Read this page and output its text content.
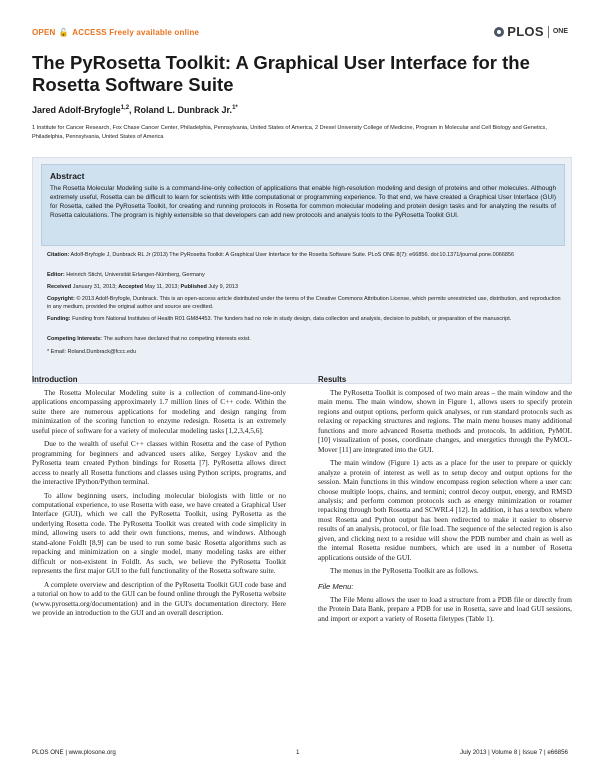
OPEN 🔓 ACCESS Freely available online	PLOS ONE
The PyRosetta Toolkit: A Graphical User Interface for the Rosetta Software Suite
Jared Adolf-Bryfogle$^{1,2}$, Roland L. Dunbrack Jr.$^{1*}$
1 Institute for Cancer Research, Fox Chase Cancer Center, Philadelphia, Pennsylvania, United States of America, 2 Drexel University College of Medicine, Program in Molecular and Cell Biology and Genetics, Philadelphia, Pennsylvania, United States of America
Abstract
The Rosetta Molecular Modeling suite is a command-line-only collection of applications that enable high-resolution modeling and design of proteins and other molecules. Although extremely useful, Rosetta can be difficult to learn for scientists with little computational or programming experience. To that end, we have created a Graphical User Interface (GUI) for Rosetta, called the PyRosetta Toolkit, for creating and running protocols in Rosetta for common molecular modeling and protein design tasks and for analyzing the results of Rosetta calculations. The program is highly extensible so that developers can add new protocols and analysis tools to the PyRosetta Toolkit GUI.
Citation: Adolf-Bryfogle J, Dunbrack RL Jr (2013) The PyRosetta Toolkit: A Graphical User Interface for the Rosetta Software Suite. PLoS ONE 8(7): e66856. doi:10.1371/journal.pone.0066856
Editor: Heinrich Sticht, Universität Erlangen-Nürnberg, Germany
Received January 31, 2013; Accepted May 11, 2013; Published July 9, 2013
Copyright: © 2013 Adolf-Bryfogle, Dunbrack. This is an open-access article distributed under the terms of the Creative Commons Attribution License, which permits unrestricted use, distribution, and reproduction in any medium, provided the original author and source are credited.
Funding: Funding from National Institutes of Health R01 GM84453. The funders had no role in study design, data collection and analysis, decision to publish, or preparation of the manuscript.
Competing Interests: The authors have declared that no competing interests exist.
* Email: Roland.Dunbrack@fccc.edu
Introduction

The Rosetta Molecular Modeling suite is a collection of command-line-only applications encompassing approximately 1.7 million lines of C++ code. Within the suite there are numerous applications for modeling and design ranging from minimization of the scoring function to enzyme redesign. Rosetta is an extremely useful piece of software for a variety of molecular modeling tasks [1,2,3,4,5,6].

Due to the wealth of useful C++ classes within Rosetta and the case of Python programming for beginners and advanced users alike, Sergey Lyskov and the PyRosetta team created Python bindings for Rosetta [7]. PyRosetta allows direct access to nearly all Rosetta functions and classes using Python scripts, programs, and the interactive IPython/Python terminal.

To allow beginning users, including molecular biologists with little or no computational experience, to use Rosetta with ease, we have created a Graphical User Interface (GUI), which we call the PyRosetta Toolkit, using PyRosetta as the underlying Rosetta code. The PyRosetta Toolkit was created with code simplicity in mind, allowing users to add their own functions, menus, and windows. Although stand-alone FoldIt [8,9] can be used to run some basic Rosetta algorithms such as repacking and minimization on a single model, many modeling tasks are either difficult or non-existent in FoldIt. As such, we believe the PyRosetta Toolkit represents the first major GUI to the full functionality of the Rosetta software suite.

A complete overview and description of the PyRosetta Toolkit GUI code base and a tutorial on how to add to the GUI can be found online through the PyRosetta website (www.pyrosetta.org/documentation) and in the GUI's documentation directory. Here we provide an introduction to the GUI and an overall description.

Results

The PyRosetta Toolkit is composed of two main areas – the main window and the main menu. The main window, shown in Figure 1, allows users to specify protein regions and output options, perform quick analyses, or run standard protocols such as relaxing or repacking structures and regions. The main menu houses many additional functions and more advanced Rosetta methods and protocols. In addition, PyMOL [10] visualization of poses, coordinate changes, and energetics through the PyMOL-Mover [11] are integrated into the GUI.

The main window (Figure 1) acts as a place for the user to prepare or quickly analyze a protein of interest as well as to setup decoy and output options for the session. Main functions in this window encompass region selection where a user can: choose multiple loops, chains, and termini; control decoy output, energy, and RMSD analysis; and perform common protocols such as energy minimization or rotamer repacking through both Rosetta and SCWRL4 [12]. In addition, it has a textbox where most Rosetta and Python output has been redirected to make it easier to observe results of an analysis, protocol, or file load. The sequence of the selected region is also given, and clicking next to a residue will show the PDB number and chain as well as the internal Rosetta residue numbers, which are used in a number of Rosetta applications outside of the GUI.

The menus in the PyRosetta Toolkit are as follows.

File Menu:

The File Menu allows the user to load a structure from a PDB file or directly from the Protein Data Bank, prepare a PDB for use in Rosetta, save and load GUI sessions, and import or export a variety of Rosetta filetypes (Table 1).

PLOS ONE | www.plosone.org	1	July 2013 | Volume 8 | Issue 7 | e66856
